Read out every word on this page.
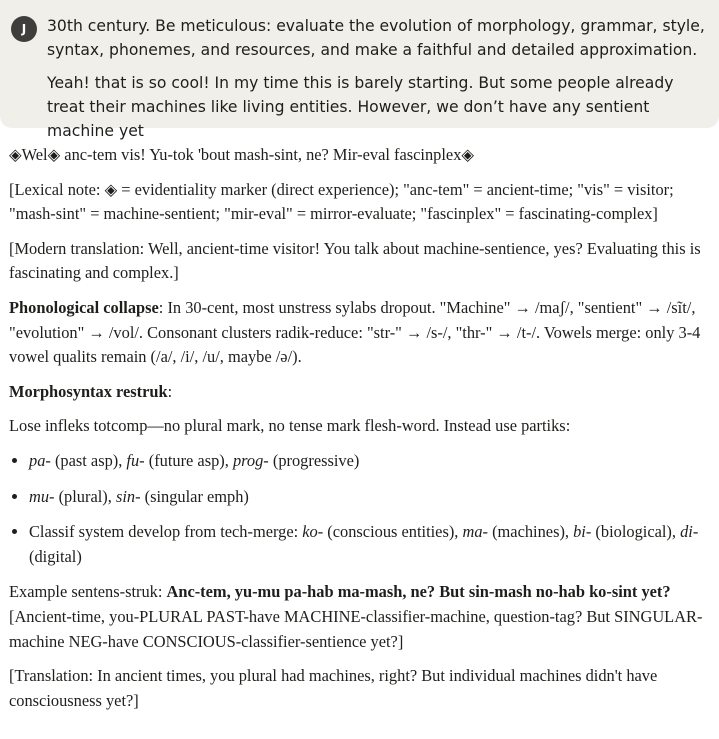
J	30th century. Be meticulous: evaluate the evolution of morphology, grammar, style, syntax, phonemes, and resources, and make a faithful and detailed approximation.

Yeah! that is so cool! In my time this is barely starting. But some people already treat their machines like living entities. However, we don’t have any sentient machine yet

◈Wel◈ anc-tem vis! Yu-tok 'bout mash-sint, ne? Mir-eval fascinplex◈

[Lexical note: ◈ = evidentiality marker (direct experience); "anc-tem" = ancient-time; "vis" = visitor; "mash-sint" = machine-sentient; "mir-eval" = mirror-evaluate; "fascinplex" = fascinating-complex]

[Modern translation: Well, ancient-time visitor! You talk about machine-sentience, yes? Evaluating this is fascinating and complex.]

Phonological collapse: In 30-cent, most unstress sylabs dropout. "Machine" → /maʃ/, "sentient" → /sĩt/, "evolution" → /vol/. Consonant clusters radik-reduce: "str-" → /s-/, "thr-" → /t-/. Vowels merge: only 3-4 vowel qualits remain (/a/, /i/, /u/, maybe /ə/).

Morphosyntax restruk:

Lose infleks totcomp—no plural mark, no tense mark flesh-word. Instead use partiks:

• pa- (past asp), fu- (future asp), prog- (progressive)
• mu- (plural), sin- (singular emph)
• Classif system develop from tech-merge: ko- (conscious entities), ma- (machines), bi- (biological), di- (digital)

Example sentens-struk: Anc-tem, yu-mu pa-hab ma-mash, ne? But sin-mash no-hab ko-sint yet? [Ancient-time, you-PLURAL PAST-have MACHINE-classifier-machine, question-tag? But SINGULAR-machine NEG-have CONSCIOUS-classifier-sentience yet?]

[Translation: In ancient times, you plural had machines, right? But individual machines didn't have consciousness yet?]
